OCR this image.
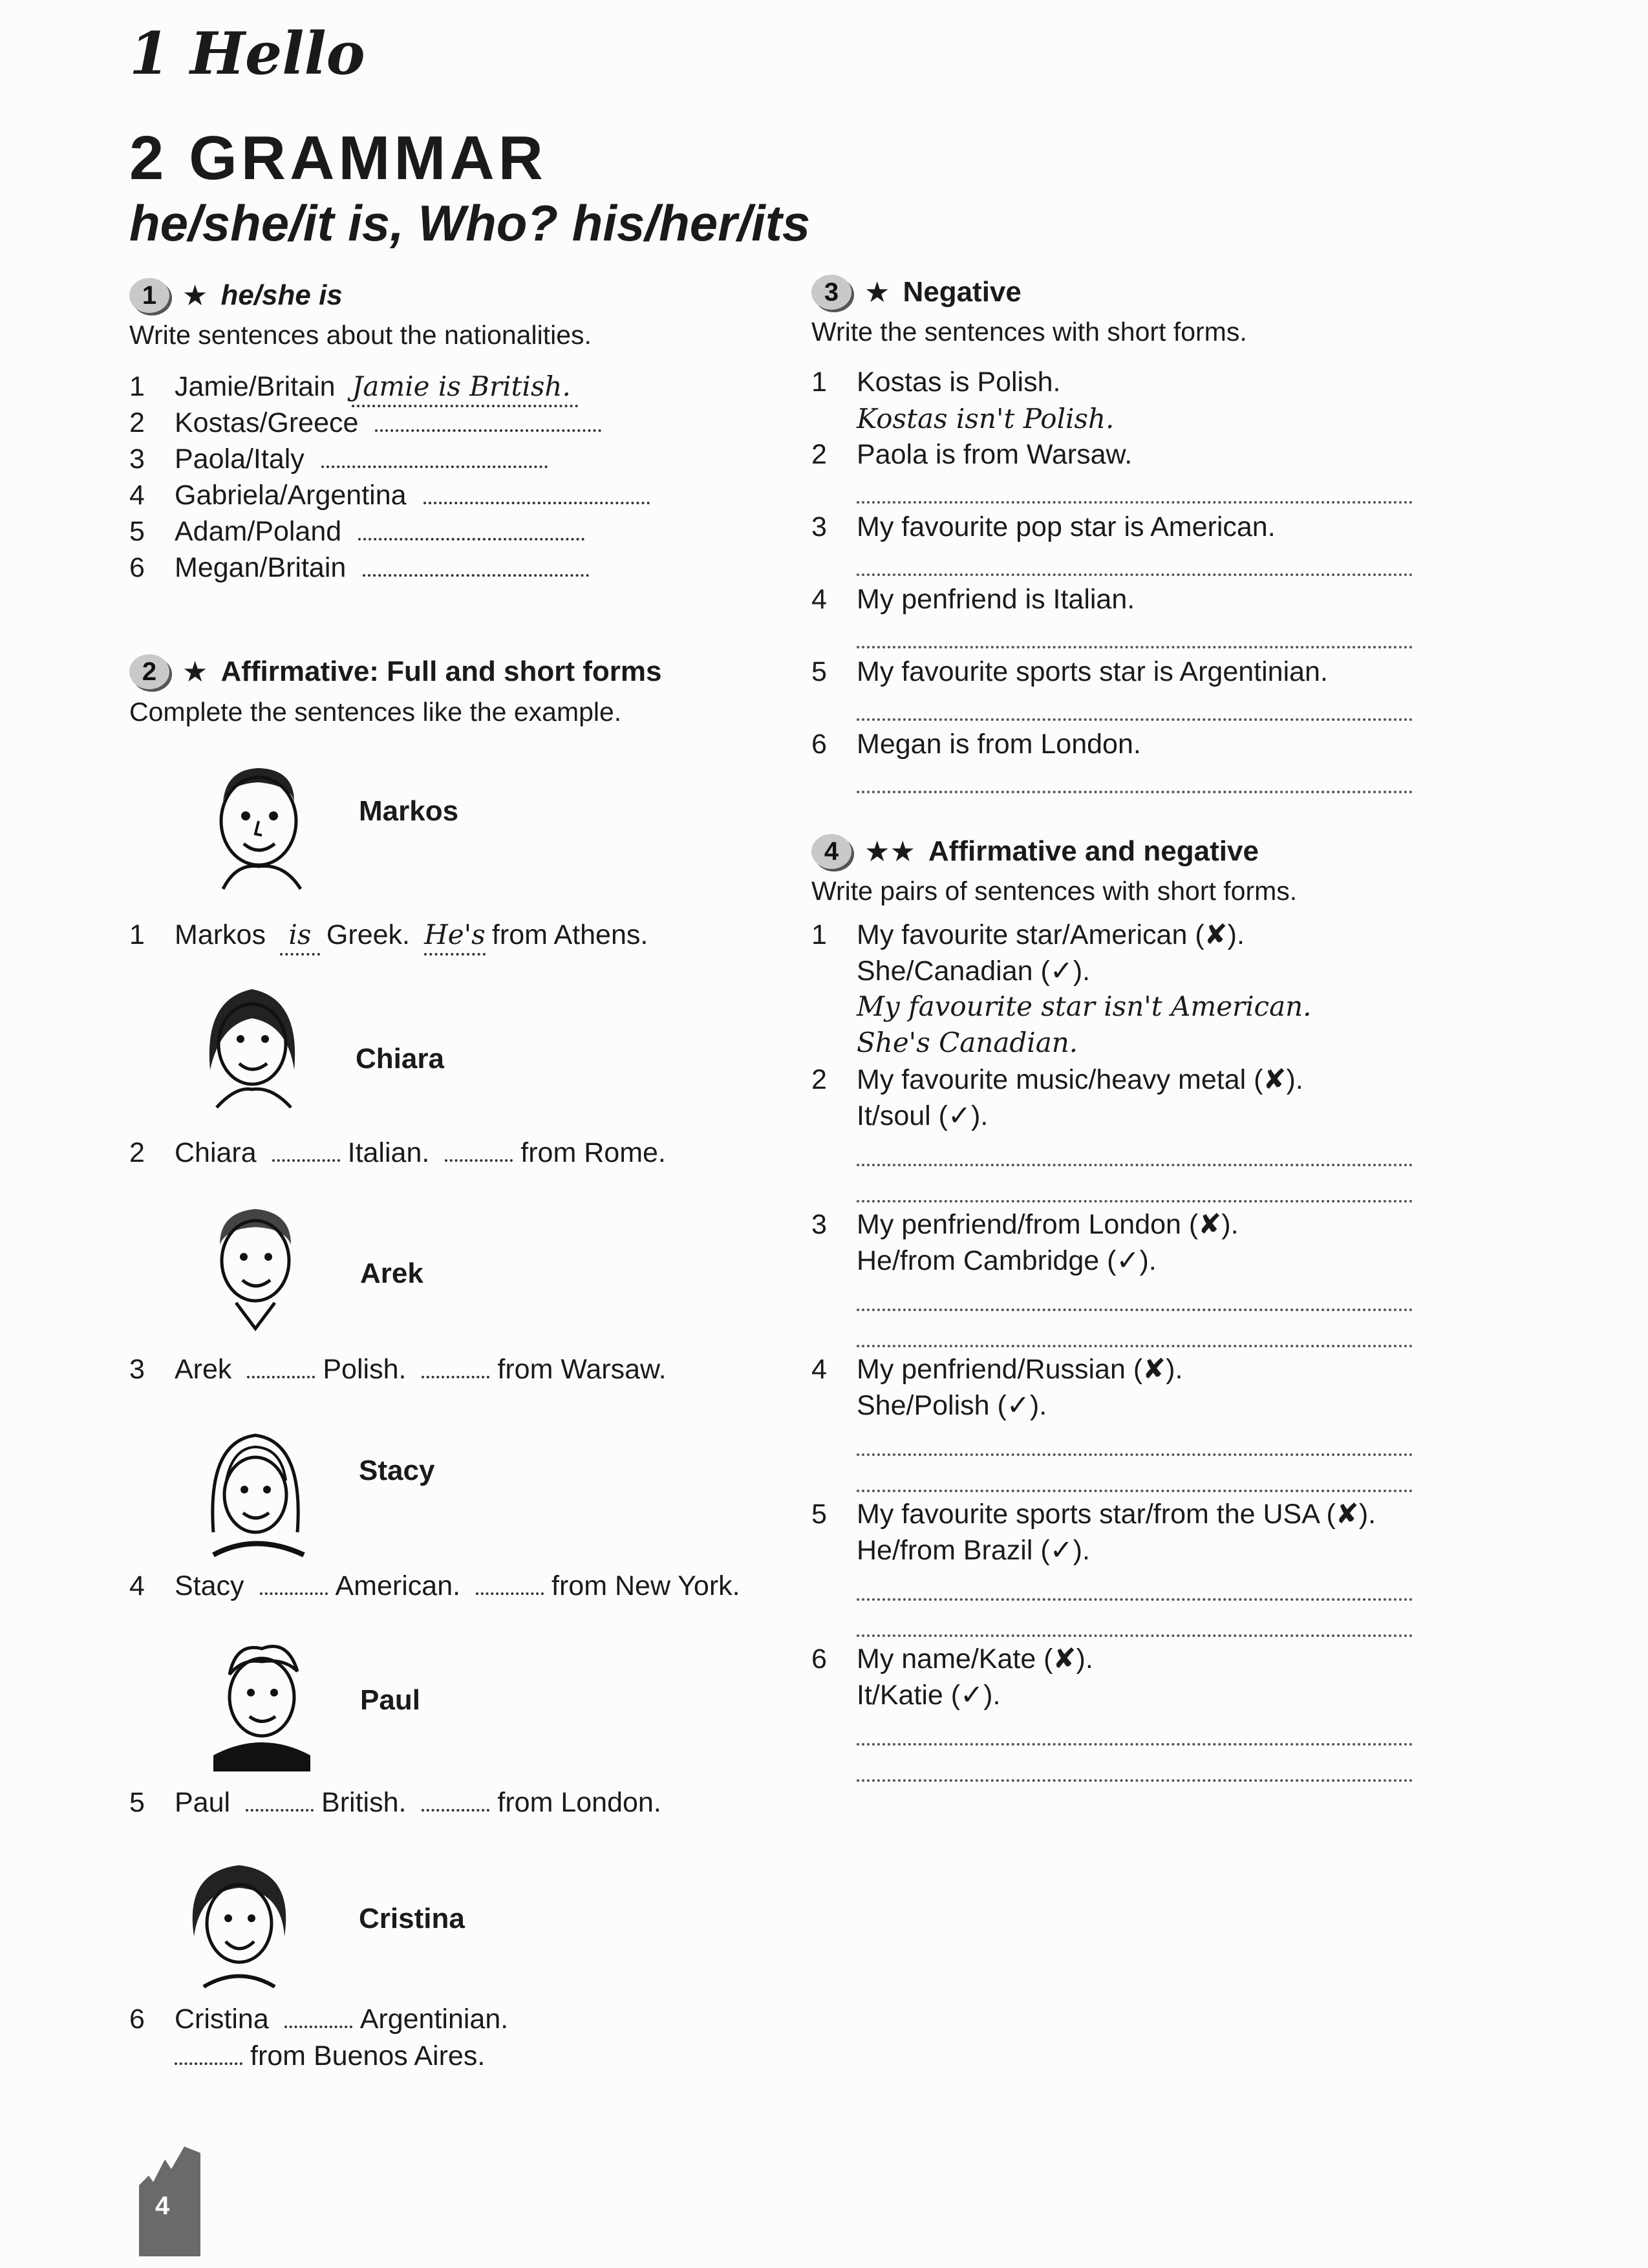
1 Hello
2 GRAMMAR
he/she/it is, Who? his/her/its
1 ★ he/she is
Write sentences about the nationalities.
1 Jamie/Britain Jamie is British.
2 Kostas/Greece
3 Paola/Italy
4 Gabriela/Argentina
5 Adam/Poland
6 Megan/Britain
2 ★ Affirmative: Full and short forms
Complete the sentences like the example.
Markos
1 Markos is Greek. He's from Athens.
Chiara
2 Chiara	Italian.	from Rome.
Arek
3 Arek	Polish.	from Warsaw.
Stacy
4 Stacy	American.	from New York.
Paul
5 Paul	British.	from London.
Cristina
6 Cristina	Argentinian.
from Buenos Aires.
3 ★ Negative
Write the sentences with short forms.
1 Kostas is Polish.
Kostas isn't Polish.
2 Paola is from Warsaw.
3 My favourite pop star is American.
4 My penfriend is Italian.
5 My favourite sports star is Argentinian.
6 Megan is from London.
4 ★★ Affirmative and negative
Write pairs of sentences with short forms.
1 My favourite star/American (✘).
She/Canadian (✓).
My favourite star isn't American.
She's Canadian.
2 My favourite music/heavy metal (✘).
It/soul (✓).
3 My penfriend/from London (✘).
He/from Cambridge (✓).
4 My penfriend/Russian (✘).
She/Polish (✓).
5 My favourite sports star/from the USA (✘).
He/from Brazil (✓).
6 My name/Kate (✘).
It/Katie (✓).
4
